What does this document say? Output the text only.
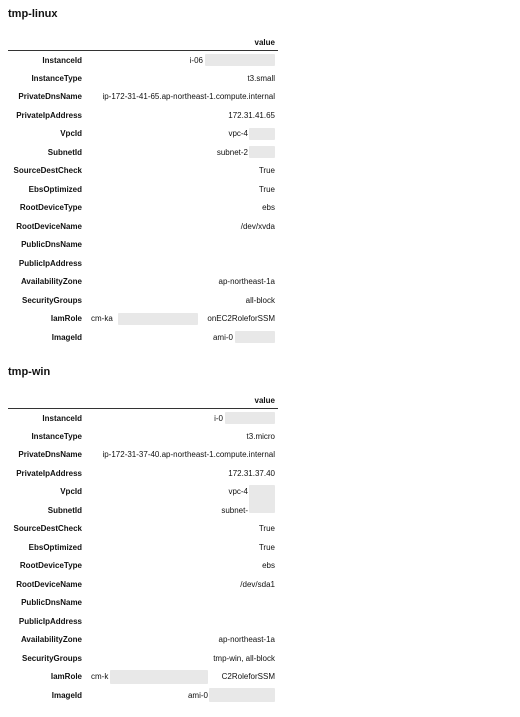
tmp-linux
	value
InstanceId	i-06

InstanceType	t3.small
PrivateDnsName	ip-172-31-41-65.ap-northeast-1.compute.internal
PrivateIpAddress	172.31.41.65
VpcId	vpc-4

SubnetId	subnet-2

SourceDestCheck	True
EbsOptimized	True
RootDeviceType	ebs
RootDeviceName	/dev/xvda
PublicDnsName	
PublicIpAddress	
AvailabilityZone	ap-northeast-1a
SecurityGroups	all-block
IamRole	cm-ka onEC2RoleforSSM
ImageId	ami-0
tmp-win
	value
InstanceId	i-0

InstanceType	t3.micro
PrivateDnsName	ip-172-31-37-40.ap-northeast-1.compute.internal
PrivateIpAddress	172.31.37.40
VpcId	vpc-4

SubnetId	subnet-
SourceDestCheck	True
EbsOptimized	True
RootDeviceType	ebs
RootDeviceName	/dev/sda1
PublicDnsName	
PublicIpAddress	
AvailabilityZone	ap-northeast-1a
SecurityGroups	tmp-win, all-block
IamRole	cm-k C2RoleforSSM
ImageId	ami-0
